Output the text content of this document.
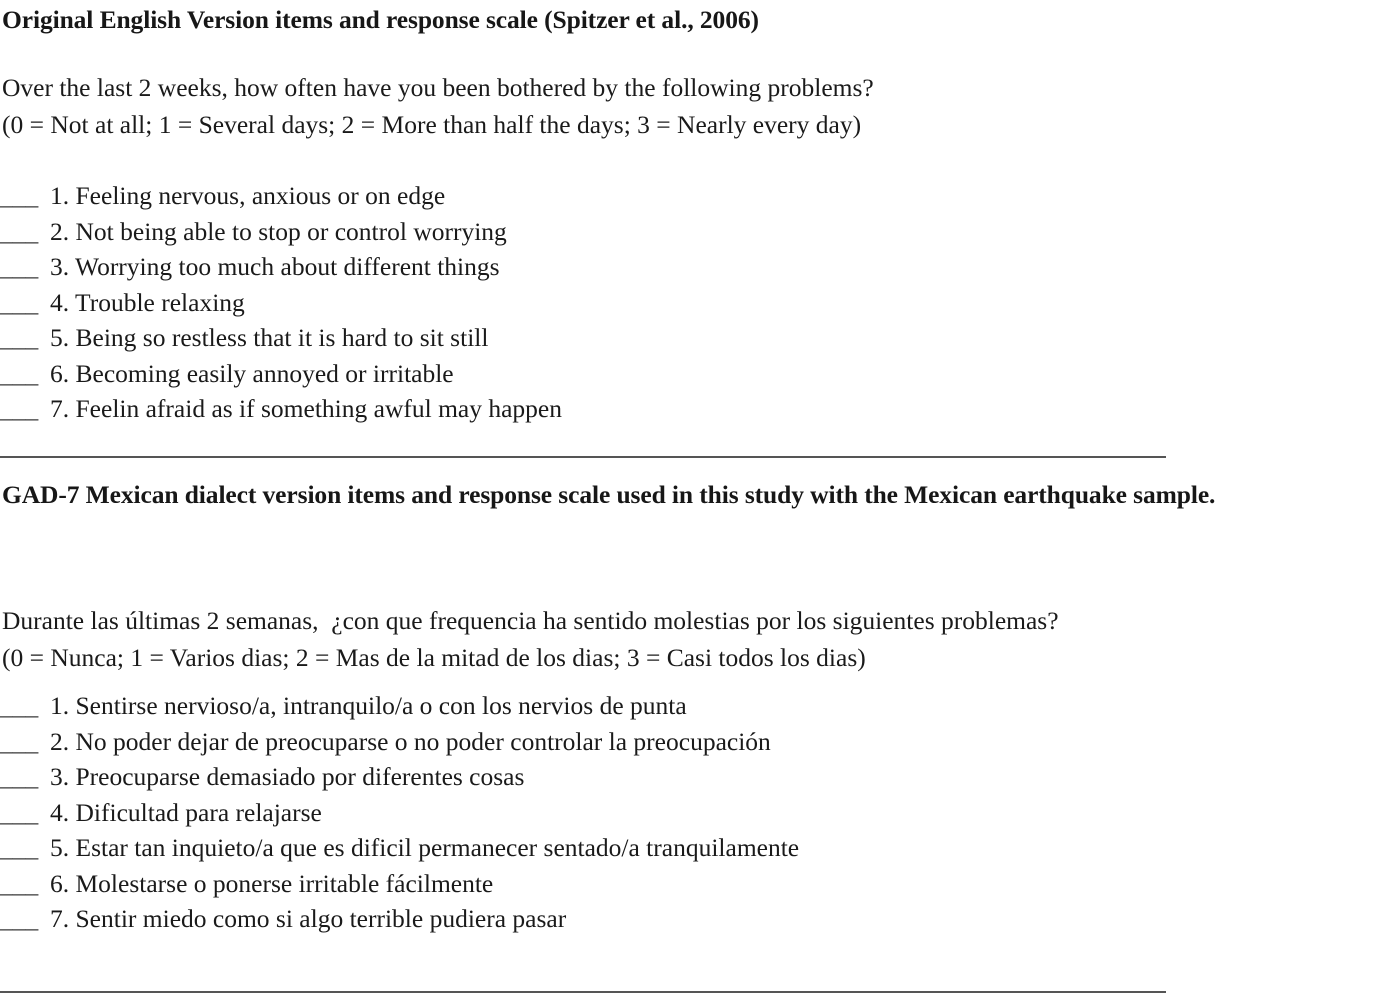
Original English Version items and response scale (Spitzer et al., 2006)
Over the last 2 weeks, how often have you been bothered by the following problems?
(0 = Not at all; 1 = Several days; 2 = More than half the days; 3 = Nearly every day)
___ 1. Feeling nervous, anxious or on edge
___ 2. Not being able to stop or control worrying
___ 3. Worrying too much about different things
___ 4. Trouble relaxing
___ 5. Being so restless that it is hard to sit still
___ 6. Becoming easily annoyed or irritable
___ 7. Feelin afraid as if something awful may happen
GAD-7 Mexican dialect version items and response scale used in this study with the Mexican earthquake sample.
Durante las últimas 2 semanas,  ¿con que frequencia ha sentido molestias por los siguientes problemas?
(0 = Nunca; 1 = Varios dias; 2 = Mas de la mitad de los dias; 3 = Casi todos los dias)
___ 1. Sentirse nervioso/a, intranquilo/a o con los nervios de punta
___ 2. No poder dejar de preocuparse o no poder controlar la preocupación
___ 3. Preocuparse demasiado por diferentes cosas
___ 4. Dificultad para relajarse
___ 5. Estar tan inquieto/a que es dificil permanecer sentado/a tranquilamente
___ 6. Molestarse o ponerse irritable fácilmente
___ 7. Sentir miedo como si algo terrible pudiera pasar
